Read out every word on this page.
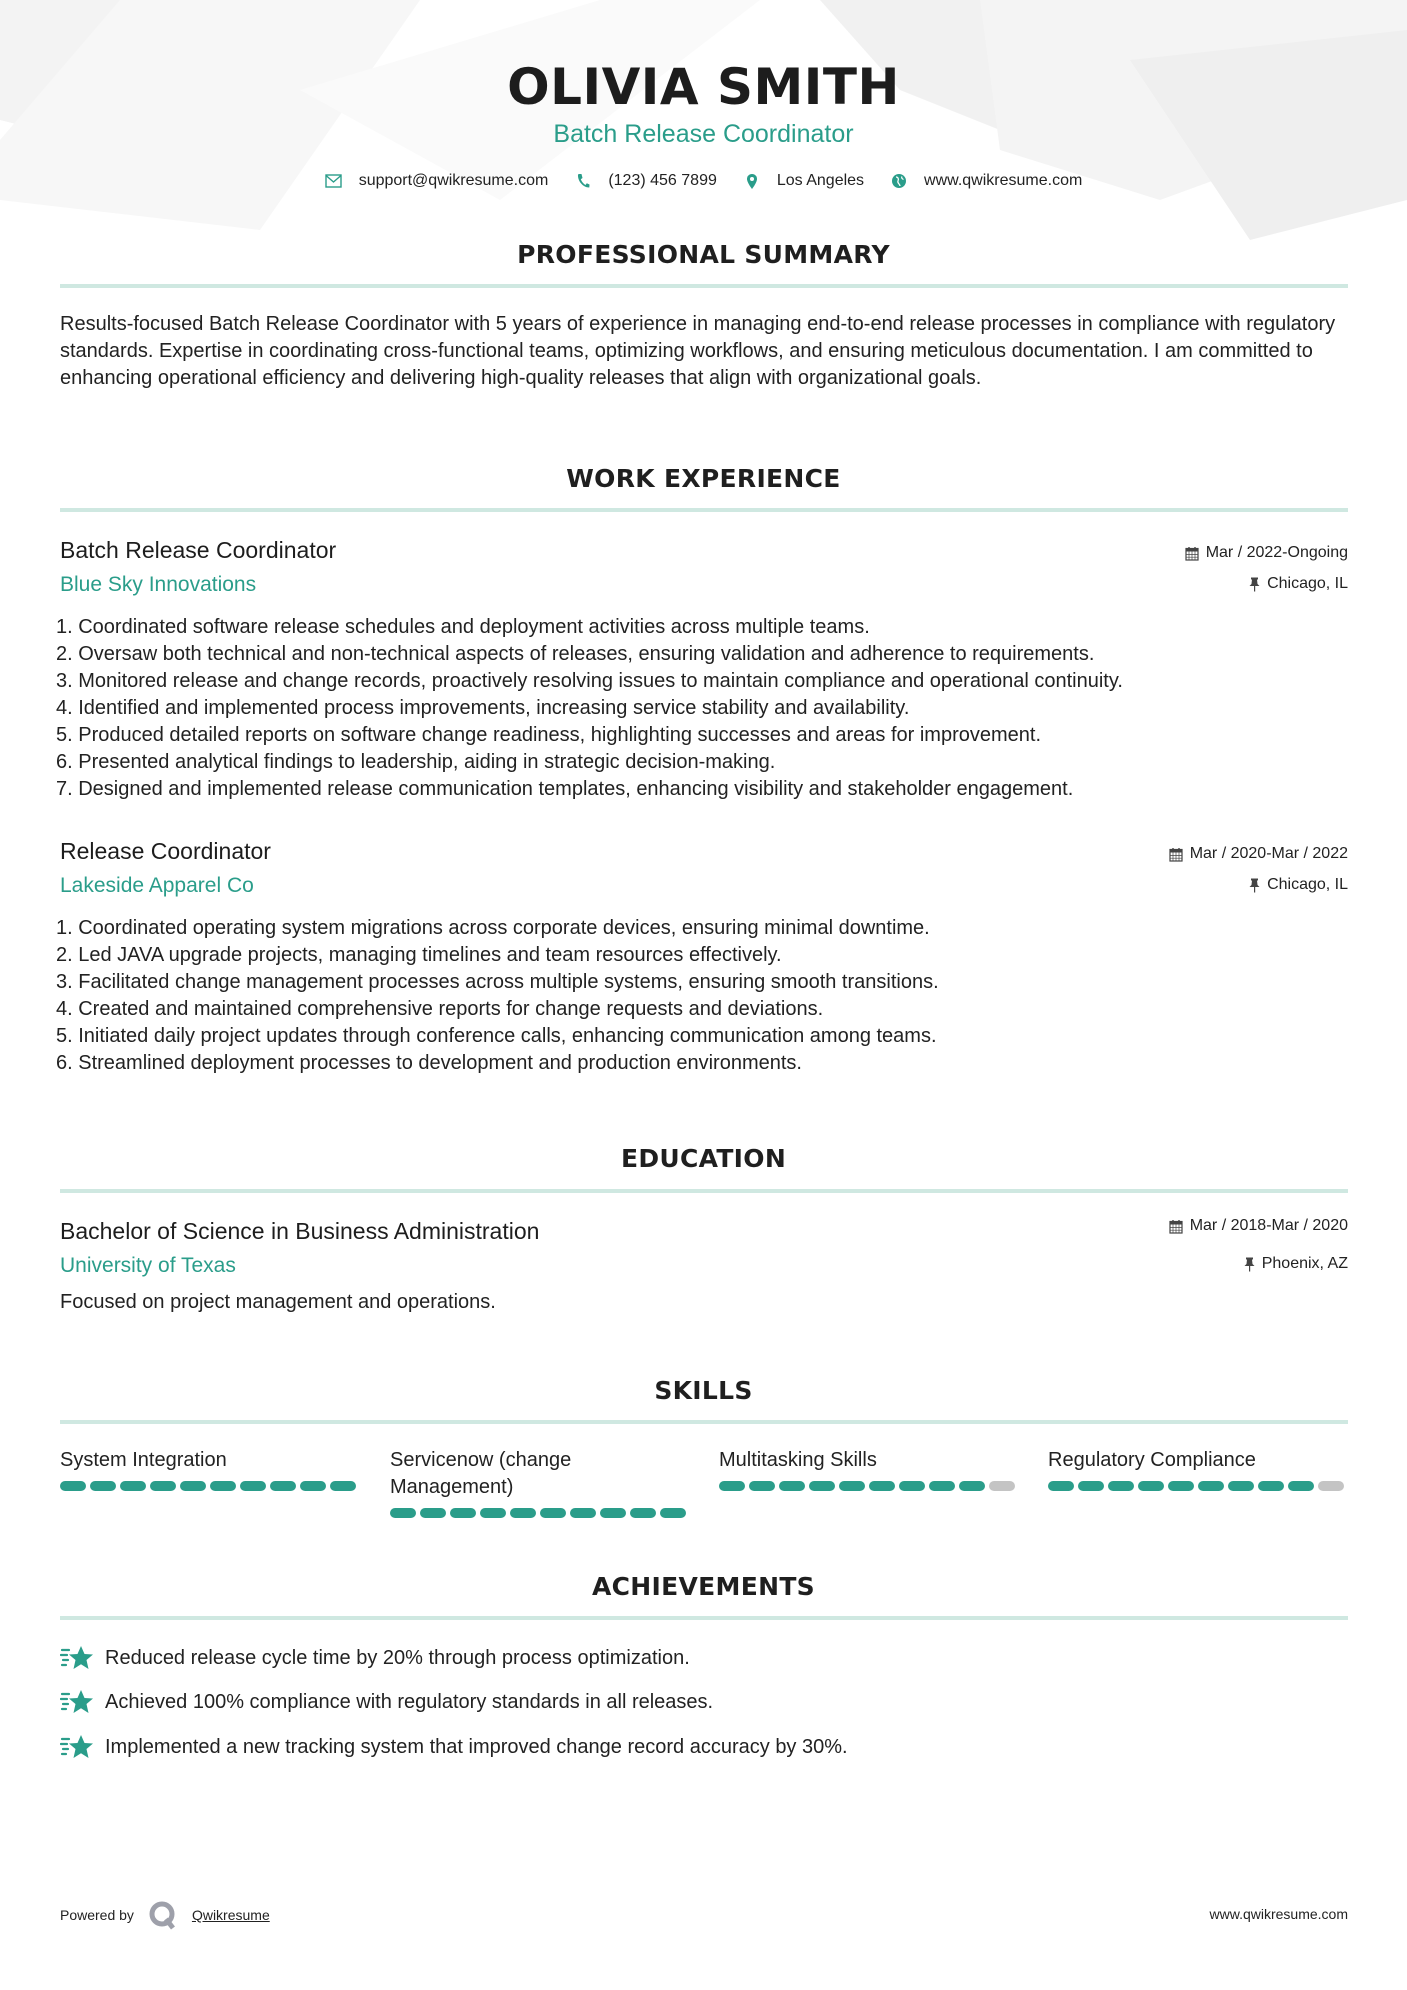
OLIVIA SMITH
Batch Release Coordinator
support@qwikresume.com	(123) 456 7899	Los Angeles	www.qwikresume.com
PROFESSIONAL SUMMARY
Results-focused Batch Release Coordinator with 5 years of experience in managing end-to-end release processes in compliance with regulatory standards. Expertise in coordinating cross-functional teams, optimizing workflows, and ensuring meticulous documentation. I am committed to enhancing operational efficiency and delivering high-quality releases that align with organizational goals.
WORK EXPERIENCE
Batch Release Coordinator
Blue Sky Innovations
Mar / 2022-Ongoing
Chicago, IL
1. Coordinated software release schedules and deployment activities across multiple teams.
2. Oversaw both technical and non-technical aspects of releases, ensuring validation and adherence to requirements.
3. Monitored release and change records, proactively resolving issues to maintain compliance and operational continuity.
4. Identified and implemented process improvements, increasing service stability and availability.
5. Produced detailed reports on software change readiness, highlighting successes and areas for improvement.
6. Presented analytical findings to leadership, aiding in strategic decision-making.
7. Designed and implemented release communication templates, enhancing visibility and stakeholder engagement.
Release Coordinator
Lakeside Apparel Co
Mar / 2020-Mar / 2022
Chicago, IL
1. Coordinated operating system migrations across corporate devices, ensuring minimal downtime.
2. Led JAVA upgrade projects, managing timelines and team resources effectively.
3. Facilitated change management processes across multiple systems, ensuring smooth transitions.
4. Created and maintained comprehensive reports for change requests and deviations.
5. Initiated daily project updates through conference calls, enhancing communication among teams.
6. Streamlined deployment processes to development and production environments.
EDUCATION
Bachelor of Science in Business Administration
University of Texas
Mar / 2018-Mar / 2020
Phoenix, AZ
Focused on project management and operations.
SKILLS
System Integration	Servicenow (change Management)
Multitasking Skills	Regulatory Compliance
ACHIEVEMENTS
Reduced release cycle time by 20% through process optimization.
Achieved 100% compliance with regulatory standards in all releases.
Implemented a new tracking system that improved change record accuracy by 30%.
Powered by	Qwikresume	www.qwikresume.com
